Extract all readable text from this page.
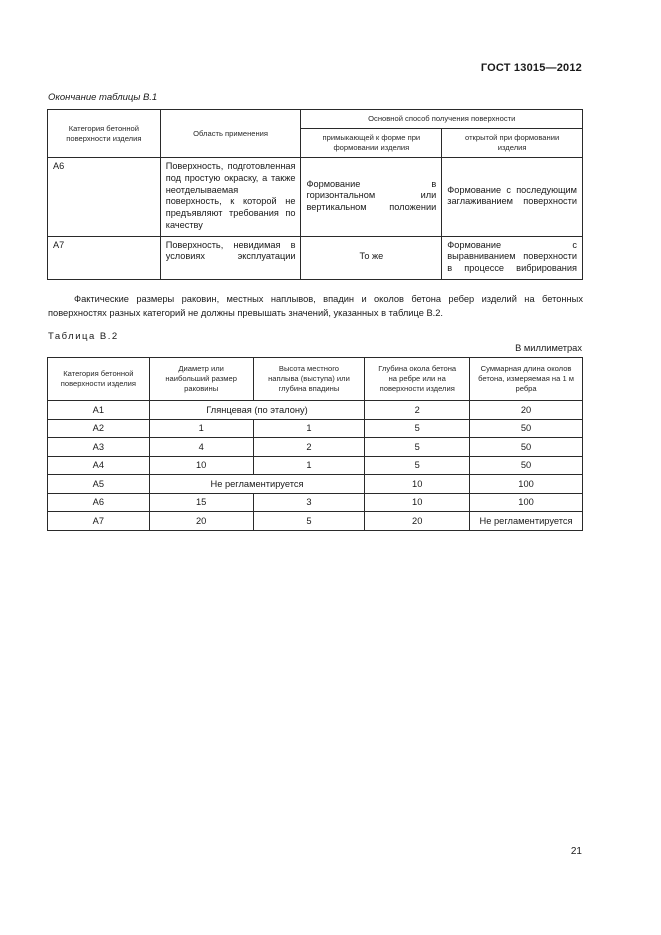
ГОСТ 13015—2012
Окончание таблицы В.1
Категория бетонной поверхности изделия	Область применения	Основной способ получения поверхности	
		примыкающей к форме при формовании изделия	открытой при формовании изделия
А6	Поверхность, подготовленная под простую окраску, а также неотделываемая поверхность, к которой не предъявляют требования по качеству	Формование в горизонтальном или вертикальном положении	Формование с последующим заглаживанием поверхности
А7	Поверхность, невидимая в условиях эксплуатации	То же	Формование с выравниванием поверхности в процессе вибрирования
Фактические размеры раковин, местных наплывов, впадин и околов бетона ребер изделий на бетонных поверхностях разных категорий не должны превышать значений, указанных в таблице В.2.
Таблица В.2
В миллиметрах
Категория бетонной поверхности изделия	Диаметр или наибольший размер раковины	Высота местного наплыва (выступа) или глубина впадины	Глубина окола бетона на ребре или на поверхности изделия	Суммарная длина околов бетона, измеряемая на 1 м ребра
А1	Глянцевая (по эталону)		2	20
А2	1	1	5	50
А3	4	2	5	50
А4	10	1	5	50
А5	Не регламентируется		10	100
А6	15	3	10	100
А7	20	5	20	Не регламентируется
21
